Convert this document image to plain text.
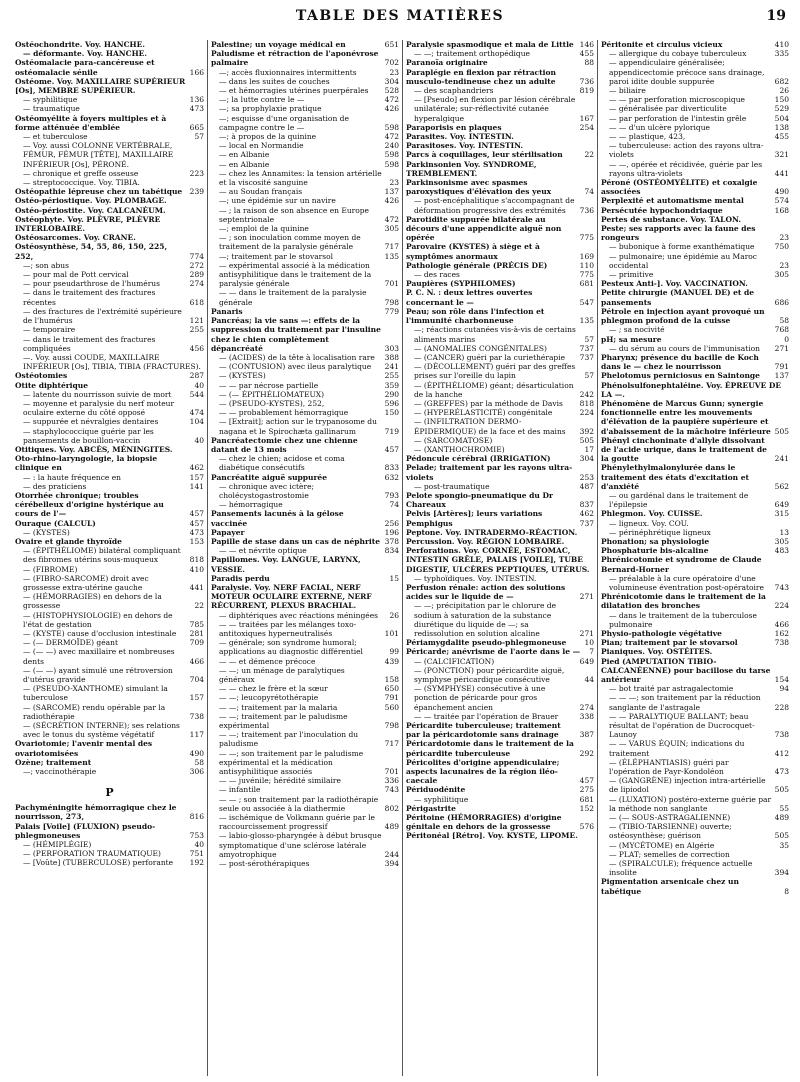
TABLE DES MATIÈRES	19
Ostéochondrite. Voy. HANCHE.
— déformante. Voy. HANCHE.
Ostéomalacie para-cancéreuse et ostéomalacie sénile	166
Ostéome. Voy. MAXILLAIRE SUPÉRIEUR [Os], MEMBRE SUPÉRIEUR.
— syphilitique	136
— traumatique	473
Ostéomyélite à foyers multiples et à forme atténuée d'emblée	665
— et tuberculose	57
— Voy. aussi COLONNE VERTÉBRALE, FÉMUR, FÉMUR [TÊTE], MAXILLAIRE INFÉRIEUR [Os], PÉRONÉ.
— chronique et greffe osseuse	223
— streptococcique. Voy. TIBIA.
Ostéopathie lépreuse chez un tabétique 239
Ostéo-périostique. Voy. PLOMBAGE.
Ostéo-périostite. Voy. CALCANÉUM.
Ostéophyte. Voy. PLÈVRE, PLÈVRE INTERLOBAIRE.
Ostéosarcomes. Voy. CRANE.
Ostéosynthèse, 54, 55, 86, 150, 225, 252,	774
—; son abus	272
— pour mal de Pott cervical	289
— pour pseudarthrose de l'humérus	274
— dans le traitement des fractures récentes	618
— des fractures de l'extrémité supérieure de l'humérus	121
— temporaire	255
— dans le traitement des fractures compliquées	456
—. Voy. aussi COUDE, MAXILLAIRE INFÉRIEUR [Os], TIBIA, TIBIA (FRACTURES).
Ostéotomies	287
Otite diphtérique	40
— latente du nourrisson suivie de mort	544
— moyenne et paralysie du nerf moteur oculaire externe du côté opposé	474
— suppurée et névralgies dentaires	104
— staphylococcique guérie par les pansements de bouillon-vaccin	40
Otitiques. Voy. ABCÈS, MÉNINGITES.
Oto-rhino-laryngologie, la biopsie clinique en	462
— : la haute fréquence en	157
— des praticiens	141
Otorrhée chronique; troubles cérébelleux d'origine hystérique au cours de l'—	457
Ouraque (CALCUL)	457
— (KYSTES)	473
Ovaire et glande thyroïde	153
— (ÉPITHÉLIOME) bilatéral compliquant des fibromes utérins sous-muqueux	818
— (FIBROME)	410
— (FIBRO-SARCOME) droit avec grossesse extra-utérine gauche	441
— (HÉMORRAGIES) en dehors de la grossesse	22
— (HISTOPHYSIOLOGIE) en dehors de l'état de gestation	785
— (KYSTE) cause d'occlusion intestinale	281
— (— DERMOÏDE) géant	709
— (— —) avec maxillaire et nombreuses dents	466
— (— —) ayant simulé une rétroversion d'utérus gravide	704
— (PSEUDO-XANTHOME) simulant la tuberculose	157
— (SARCOME) rendu opérable par la radiothérapie	738
— (SÉCRÉTION INTERNE); ses relations avec le tonus du système végétatif	117
Ovariotomie; l'avenir mental des ovariotomisées	490
Ozène; traitement	58
—; vaccinothérapie	306
P
Pachyméningite hémorragique chez le nourrisson, 273,	816
Palais [Voile] (FLUXION) pseudo-phlegmoneuses	753
— (HÉMIPLÉGIE)	40
— (PERFORATION TRAUMATIQUE)	751
— [Voûte] (TUBERCULOSE) perforante	192
Palestine; un voyage médical en	651
Paludisme et rétraction de l'aponévrose palmaire	702
—; accès fluxionnaires intermittents	23
— dans les suites de couches	304
— et hémorragies utérines puerpérales	528
—; la lutte contre le —	472
—; sa prophylaxie pratique	426
—; esquisse d'une organisation de campagne contre le —	598
—; à propos de la quinine	472
— local en Normandie	240
— en Albanie	598
— en Albanie	598
— chez les Annamites: la tension artérielle et la viscosité sanguine	23
— au Soudan français	137
—; une épidémie sur un navire	426
— ; la raison de son absence en Europe septentrionale	472
—; emploi de la quinine	305
— ; son inoculation comme moyen de traitement de la paralysie générale	717
—; traitement par le stovarsol	135
— expérimental associé à la médication antisyphilitique dans le traitement de la paralysie générale	701
— — dans le traitement de la paralysie générale	798
Panaris	779
Pancréas; la vie sans —: effets de la suppression du traitement par l'insuline chez le chien complètement dépancréaté	303
— (ACIDES) de la tête à localisation rare	388
— (CONTUSION) avec ileus paralytique	241
— (KYSTES)	255
— — par nécrose partielle	359
— (— ÉPITHÉLIOMATEUX)	290
— (PSEUDO-KYSTES), 252,	596
— — probablement hémorragique	150
— [Extrait]; action sur le trypanosome du nagana et le Spirochæta gallinarum	719
Pancréatectomie chez une chienne datant de 13 mois	457
— chez le chien; acidose et coma diabétique consécutifs	833
Pancréatite aiguë suppurée	632
— chronique avec ictère; cholécystogastrostomie	793
— hémorragique	74
Pansements lacunés à la gélose vaccinée	256
Papayer	196
Papille de stase dans un cas de néphrite 378
— — et névrite optique	834
Papillomes. Voy. LANGUE, LARYNX, VESSIE.
Paradis perdu	15
Paralysie. Voy. NERF FACIAL, NERF MOTEUR OCULAIRE EXTERNE, NERF RÉCURRENT, PLEXUS BRACHIAL.
— diphtériques avec réactions méningées	26
— — traitées par les mélanges toxo-antitoxiques hyperneutralisés	101
— générale; son syndrome humoral; applications au diagnostic différentiel	99
— — et démence précoce	439
— —; un ménage de paralytiques généraux	158
— — chez le frère et la sœur	650
— —; leucopyrétothérapie	791
— —; traitement par la malaria	560
— —; traitement par le paludisme expérimental	798
— —; traitement par l'inoculation du paludisme	717
— —; son traitement par le paludisme expérimental et la médication antisyphilitique associés	701
— — juvénile; hérédité similaire	336
— infantile	743
— — ; son traitement par la radiothérapie seule ou associée à la diathermie	802
— ischémique de Volkmann guérie par le raccourcissement progressif	489
— labio-glosso-pharyngée à début brusque symptomatique d'une sclérose latérale amyotrophique	244
— post-sérothérapiques	394
Paralysie spasmodique et mala de Little 146
— —; traitement orthopédique	455
Paranoïa originaire	88
Paraplégie en flexion par rétraction musculo-tendineuse chez un adulte	736
— des scaphandriers	819
— [Pseudo] en flexion par lésion cérébrale unilatérale; sur-réflectivité cutanée hyperalgique	167
Paraporisis en plaques	254
Parasites. Voy. INTESTIN.
Parasitoses. Voy. INTESTIN.
Parcs à coquillages, leur stérilisation	22
Parkinsonien Voy. SYNDROME, TREMBLEMENT.
Parkinsonisme avec spasmes paroxystiques d'élévation des yeux	74
— post-encéphalitique s'accompagnant de déformation progressive des extrémités	736
Parotidite suppurée bilatérale au décours d'une appendicite aiguë non opérée	775
Parovaire (KYSTES) à siège et à symptômes anormaux	169
Pathologie générale (PRÉCIS DE)	110
— des races	775
Paupières (SYPHILOMES)	681
P. C. N. : deux lettres ouvertes concernant le —	547
Peau; son rôle dans l'infection et l'immunité charbonneuse	135
—; réactions cutanées vis-à-vis de certains aliments marins	57
— (ANOMALIES CONGÉNITALES)	737
— (CANCER) guéri par la curiethérapie	737
— (DÉCOLLEMENT) guéri par des greffes prises sur l'oreille du lapin	57
— (ÉPITHÉLIOME) géant; désarticulation de la hanche	242
— (GREFFES) par la méthode de Davis	818
— (HYPERÉLASTICITÉ) congénitale	224
— (INFILTRATION DERMO-ÉPIDERMIQUE) de la face et des mains	392
— (SARCOMATOSE)	505
— (XANTHOCHROMIE)	17
Pédoncule cérébral (IRRIGATION)	304
Pelade; traitement par les rayons ultra-violets	253
— post-traumatique	487
Pelote spongio-pneumatique du Dr Chareaux	837
Pelvis [Artères]; leurs variations	462
Pemphigus	737
Peptone. Voy. INTRADERMO-RÉACTION.
Percussion. Voy. RÉGION LOMBAIRE.
Perforations. Voy. CORNÉE, ESTOMAC, INTESTIN GRÊLE, PALAIS [VOILE], TUBE DIGESTIF, ULCÈRES PEPTIQUES, UTÉRUS.
— typhoïdiques. Voy. INTESTIN.
Perfusion rénale: action des solutions acides sur le liquide de —	271
— —; précipitation par le chlorure de sodium à saturation de la substance diurétique du liquide de —; sa redissolution en solution alcaline	271
Périamygdalite pseudo-phlegmoneuse	10
Péricarde; anévrisme de l'aorte dans le —	7
— (CALCIFICATION)	649
— (PONCTION) pour péricardite aiguë, symphyse péricardique consécutive	44
— (SYMPHYSE) consécutive à une ponction de péricarde pour gros épanchement ancien	274
— — traitée par l'opération de Brauer	338
Péricardite tuberculeuse; traitement par la péricardotomie sans drainage	387
Péricardotomie dans le traitement de la péricardite tuberculeuse	292
Péricolites d'origine appendiculaire; aspects lacunaires de la région iléo-caecale	457
Périduodénite	275
— syphilitique	681
Périgastrite	152
Péritoine (HÉMORRAGIES) d'origine génitale en dehors de la grossesse	576
Péritonéal [Rétro]. Voy. KYSTE, LIPOME.
Péritonite et circulus vicieux	410
— allergique du cobaye tuberculeux	335
— appendiculaire généralisée; appendicectomie précoce sans drainage, paroi idite double suppurée	682
— biliaire	26
— — par perforation microscopique	150
— généralisée par diverticulite	529
— par perforation de l'intestin grêle	504
— — d'un ulcère pylorique	138
— — plastique, 423,	455
— tuberculeuse: action des rayons ultra-violets	321
— —, opérée et récidivée, guérie par les rayons ultra-violets	441
Péroné (OSTÉOMYÉLITE) et coxalgie associées	490
Perplexité et automatisme mental	574
Persécutée hypochondriaque	168
Pertes de substance. Voy. TALON.
Peste; ses rapports avec la faune des rongeurs	23
— bubonique à forme exanthématique	750
— pulmonaire; une épidémie au Maroc occidental	23
— primitive	305
Pesteux Anti-]. Voy. VACCINATION.
Petite chirurgie (MANUEL DE) et de pansements	686
Pétrole en injection ayant provoqué un phlegmon profond de la cuisse	58
— ; sa nocivité	768
pH; sa mesure	0
— du sérum au cours de l'immunisation	271
Pharynx; présence du bacille de Koch dans le — chez le nourrisson	791
Phelotomus perniciosus en Saintonge	137
Phénolsulfonephtaléine. Voy. ÉPREUVE DE LA —.
Phénomène de Marcus Gunn; synergie fonctionnelle entre les mouvements d'élévation de la paupière supérieure et d'abaissement de la mâchoire inférieure 505
Phényl cinchoninate d'allyle dissolvant de l'acide urique, dans le traitement de la goutte	241
Phénylethylmalonylurée dans le traitement des états d'excitation et d'anxiété	562
— ou gardénal dans le traitement de l'épilepsie	649
Phlegmon. Voy. CUISSE.	315
— ligneux. Voy. COU.
— périnéphrétique ligneux	13
Phonation; sa physiologie	305
Phosphaturie bis-alcaline	483
Phrénicotomie et syndrome de Claude Bernard-Horner
— préalable à la cure opératoire d'une volumineuse éventration post-opératoire	743
Phrénicotomie dans le traitement de la dilatation des bronches	224
— dans le traitement de la tuberculose pulmonaire	466
Physio-pathologie végétative	162
Pian; traitement par le stovarsol	738
Pianiques. Voy. OSTÉITES.
Pied (AMPUTATION TIBIO-CALCANÉENNE) pour bacillose du tarse antérieur	154
— bot traité par astragalectomie	94
— — —; son traitement par la réduction sanglante de l'astragale	228
— — PARALYTIQUE BALLANT; beau résultat de l'opération de Ducrocquet-Launoy	738
— — VARUS ÉQUIN; indications du traitement	412
— (ÉLÉPHANTIASIS) guéri par l'opération de Payr-Kondoléon	473
— (GANGRÈNE) injection intra-artérielle de lipiodol	505
— (LUXATION) postéro-externe guérie par la méthode non sanglante	55
— (— SOUS-ASTRAGALIENNE)	489
— (TIBIO-TARSIENNE) ouverte; ostéosynthèse; guérison	505
— (MYCÉTOME) en Algérie	35
— PLAT; semelles de correction
— (SPIRALCULE); fréquence actuelle insolite	394
Pigmentation arsenicale chez un tabétique	8
